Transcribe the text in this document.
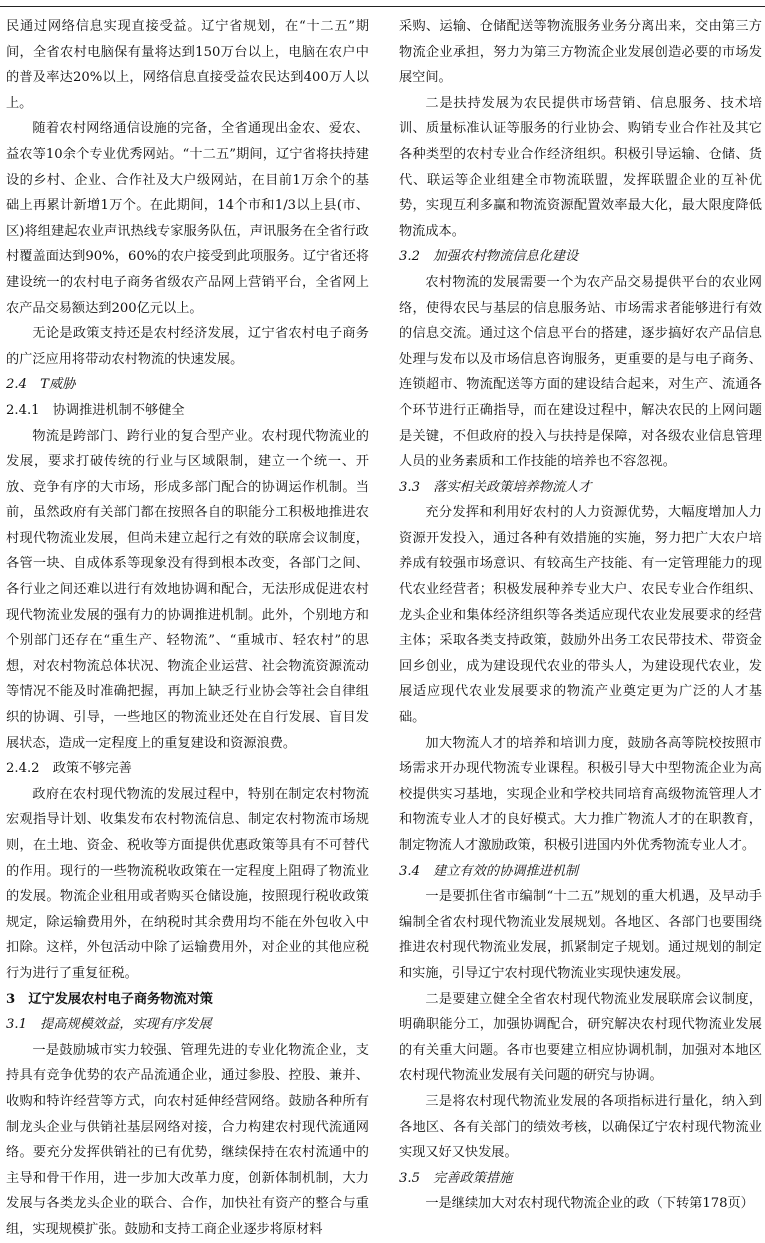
民通过网络信息实现直接受益。辽宁省规划，在“十二五”期间，全省农村电脑保有量将达到150万台以上，电脑在农户中的普及率达20%以上，网络信息直接受益农民达到400万人以上。

随着农村网络通信设施的完备，全省通现出金农、爱农、益农等10余个专业优秀网站。“十二五”期间，辽宁省将扶持建设的乡村、企业、合作社及大户级网站，在目前1万余个的基础上再累计新增1万个。在此期间，14个市和1/3以上县(市、区)将组建起农业声讯热线专家服务队伍，声讯服务在全省行政村覆盖面达到90%，60%的农户接受到此项服务。辽宁省还将建设统一的农村电子商务省级农产品网上营销平台，全省网上农产品交易额达到200亿元以上。

无论是政策支持还是农村经济发展，辽宁省农村电子商务的广泛应用将带动农村物流的快速发展。

2.4　T威胁
2.4.1　协调推进机制不够健全

物流是跨部门、跨行业的复合型产业。农村现代物流业的发展，要求打破传统的行业与区域限制，建立一个统一、开放、竞争有序的大市场，形成多部门配合的协调运作机制。当前，虽然政府有关部门都在按照各自的职能分工积极地推进农村现代物流业发展，但尚未建立起行之有效的联席会议制度，各管一块、自成体系等现象没有得到根本改变，各部门之间、各行业之间还难以进行有效地协调和配合，无法形成促进农村现代物流业发展的强有力的协调推进机制。此外，个别地方和个别部门还存在“重生产、轻物流”、“重城市、轻农村”的思想，对农村物流总体状况、物流企业运营、社会物流资源流动等情况不能及时准确把握，再加上缺乏行业协会等社会自律组织的协调、引导，一些地区的物流业还处在自行发展、盲目发展状态，造成一定程度上的重复建设和资源浪费。

2.4.2　政策不够完善

政府在农村现代物流的发展过程中，特别在制定农村物流宏观指导计划、收集发布农村物流信息、制定农村物流市场规则，在土地、资金、税收等方面提供优惠政策等具有不可替代的作用。现行的一些物流税收政策在一定程度上阻碍了物流业的发展。物流企业租用或者购买仓储设施，按照现行税收政策规定，除运输费用外，在纳税时其余费用均不能在外包收入中扣除。这样，外包活动中除了运输费用外，对企业的其他应税行为进行了重复征税。

3　辽宁发展农村电子商务物流对策
3.1　提高规模效益，实现有序发展

一是鼓励城市实力较强、管理先进的专业化物流企业，支持具有竞争优势的农产品流通企业，通过参股、控股、兼并、收购和特许经营等方式，向农村延伸经营网络。鼓励各种所有制龙头企业与供销社基层网络对接，合力构建农村现代流通网络。要充分发挥供销社的已有优势，继续保持在农村流通中的主导和骨干作用，进一步加大改革力度，创新体制机制，大力发展与各类龙头企业的联合、合作，加快社有资产的整合与重组，实现规模扩张。鼓励和支持工商企业逐步将原材料

采购、运输、仓储配送等物流服务业务分离出来，交由第三方物流企业承担，努力为第三方物流企业发展创造必要的市场发展空间。

二是扶持发展为农民提供市场营销、信息服务、技术培训、质量标准认证等服务的行业协会、购销专业合作社及其它各种类型的农村专业合作经济组织。积极引导运输、仓储、货代、联运等企业组建全市物流联盟，发挥联盟企业的互补优势，实现互利多赢和物流资源配置效率最大化，最大限度降低物流成本。

3.2　加强农村物流信息化建设

农村物流的发展需要一个为农产品交易提供平台的农业网络，使得农民与基层的信息服务站、市场需求者能够进行有效的信息交流。通过这个信息平台的搭建，逐步搞好农产品信息处理与发布以及市场信息咨询服务，更重要的是与电子商务、连锁超市、物流配送等方面的建设结合起来，对生产、流通各个环节进行正确指导，而在建设过程中，解决农民的上网问题是关键，不但政府的投入与扶持是保障，对各级农业信息管理人员的业务素质和工作技能的培养也不容忽视。

3.3　落实相关政策培养物流人才

充分发挥和利用好农村的人力资源优势，大幅度增加人力资源开发投入，通过各种有效措施的实施，努力把广大农户培养成有较强市场意识、有较高生产技能、有一定管理能力的现代农业经营者；积极发展种养专业大户、农民专业合作组织、龙头企业和集体经济组织等各类适应现代农业发展要求的经营主体；采取各类支持政策，鼓励外出务工农民带技术、带资金回乡创业，成为建设现代农业的带头人，为建设现代农业，发展适应现代农业发展要求的物流产业奠定更为广泛的人才基础。

加大物流人才的培养和培训力度，鼓励各高等院校按照市场需求开办现代物流专业课程。积极引导大中型物流企业为高校提供实习基地，实现企业和学校共同培育高级物流管理人才和物流专业人才的良好模式。大力推广物流人才的在职教育，制定物流人才激励政策，积极引进国内外优秀物流专业人才。

3.4　建立有效的协调推进机制

一是要抓住省市编制“十二五”规划的重大机遇，及早动手编制全省农村现代物流业发展规划。各地区、各部门也要围绕推进农村现代物流业发展，抓紧制定子规划。通过规划的制定和实施，引导辽宁农村现代物流业实现快速发展。

二是要建立健全全省农村现代物流业发展联席会议制度，明确职能分工，加强协调配合，研究解决农村现代物流业发展的有关重大问题。各市也要建立相应协调机制，加强对本地区农村现代物流业发展有关问题的研究与协调。

三是将农村现代物流业发展的各项指标进行量化，纳入到各地区、各有关部门的绩效考核，以确保辽宁农村现代物流业实现又好又快发展。

3.5　完善政策措施

一是继续加大对农村现代物流企业的政（下转第178页）
